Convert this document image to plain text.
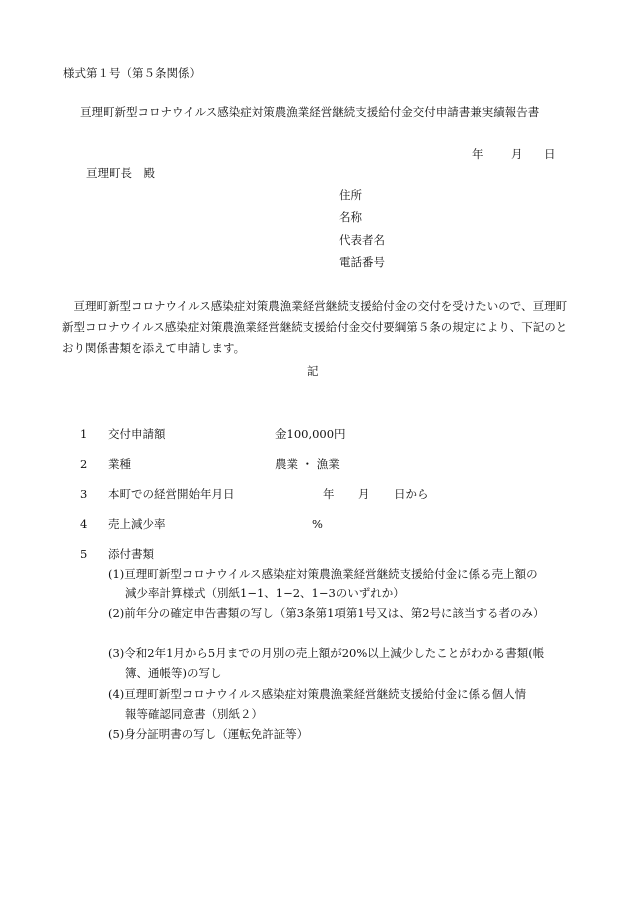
様式第１号（第５条関係）
亘理町新型コロナウイルス感染症対策農漁業経営継続支援給付金交付申請書兼実績報告書
年 月 日
亘理町長　殿
住所
名称
代表者名
電話番号
亘理町新型コロナウイルス感染症対策農漁業経営継続支援給付金の交付を受けたいので、亘理町新型コロナウイルス感染症対策農漁業経営継続支援給付金交付要綱第５条の規定により、下記のとおり関係書類を添えて申請します。
記
1 交付申請額	金100,000円
2 業種	農業 ・ 漁業
3 本町での経営開始年月日	年 月 日から
4 売上減少率	%
5 添付書類
(1)亘理町新型コロナウイルス感染症対策農漁業経営継続支援給付金に係る売上額の
減少率計算様式（別紙1−1、1−2、1−3のいずれか）
(2)前年分の確定申告書類の写し（第3条第1項第1号又は、第2号に該当する者のみ）
(3)令和2年1月から5月までの月別の売上額が20%以上減少したことがわかる書類(帳
簿、通帳等)の写し
(4)亘理町新型コロナウイルス感染症対策農漁業経営継続支援給付金に係る個人情
報等確認同意書（別紙２）
(5)身分証明書の写し（運転免許証等）
